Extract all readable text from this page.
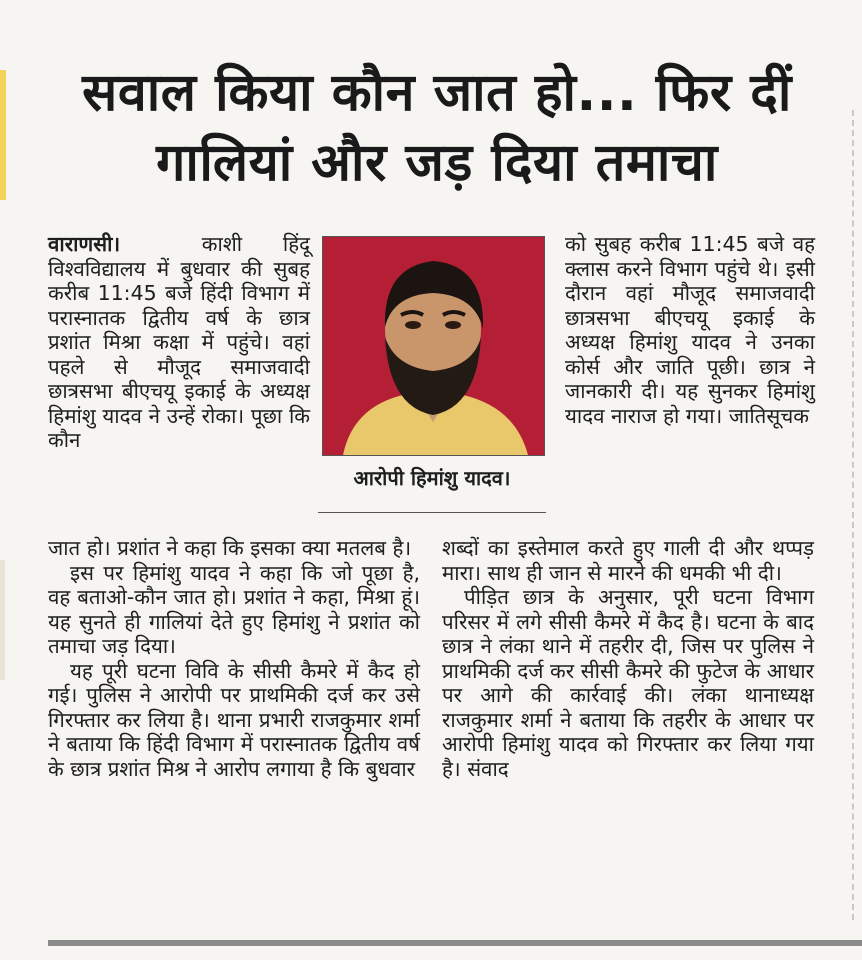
सवाल किया कौन जात हो... फिर दीं गालियां और जड़ दिया तमाचा

वाराणसी।	काशी हिंदू विश्वविद्यालय में बुधवार की सुबह करीब 11:45 बजे हिंदी विभाग में परास्नातक द्वितीय वर्ष के छात्र प्रशांत मिश्रा कक्षा में पहुंचे। वहां पहले से मौजूद समाजवादी छात्रसभा बीएचयू इकाई के अध्यक्ष हिमांशु यादव ने उन्हें रोका। पूछा कि कौन

आरोपी हिमांशु यादव।

को सुबह करीब 11:45 बजे वह क्लास करने विभाग पहुंचे थे। इसी दौरान वहां मौजूद समाजवादी छात्रसभा बीएचयू इकाई के अध्यक्ष हिमांशु यादव ने उनका कोर्स और जाति पूछी। छात्र ने जानकारी दी। यह सुनकर हिमांशु यादव नाराज हो गया। जातिसूचक

जात हो। प्रशांत ने कहा कि इसका क्या मतलब है।

इस पर हिमांशु यादव ने कहा कि जो पूछा है, वह बताओ-कौन जात हो। प्रशांत ने कहा, मिश्रा हूं। यह सुनते ही गालियां देते हुए हिमांशु ने प्रशांत को तमाचा जड़ दिया।

यह पूरी घटना विवि के सीसी कैमरे में कैद हो गई। पुलिस ने आरोपी पर प्राथमिकी दर्ज कर उसे गिरफ्तार कर लिया है। थाना प्रभारी राजकुमार शर्मा ने बताया कि हिंदी विभाग में परास्नातक द्वितीय वर्ष के छात्र प्रशांत मिश्र ने आरोप लगाया है कि बुधवार

शब्दों का इस्तेमाल करते हुए गाली दी और थप्पड़ मारा। साथ ही जान से मारने की धमकी भी दी।

पीड़ित छात्र के अनुसार, पूरी घटना विभाग परिसर में लगे सीसी कैमरे में कैद है। घटना के बाद छात्र ने लंका थाने में तहरीर दी, जिस पर पुलिस ने प्राथमिकी दर्ज कर सीसी कैमरे की फुटेज के आधार पर आगे की कार्रवाई की। लंका थानाध्यक्ष राजकुमार शर्मा ने बताया कि तहरीर के आधार पर आरोपी हिमांशु यादव को गिरफ्तार कर लिया गया है। संवाद
